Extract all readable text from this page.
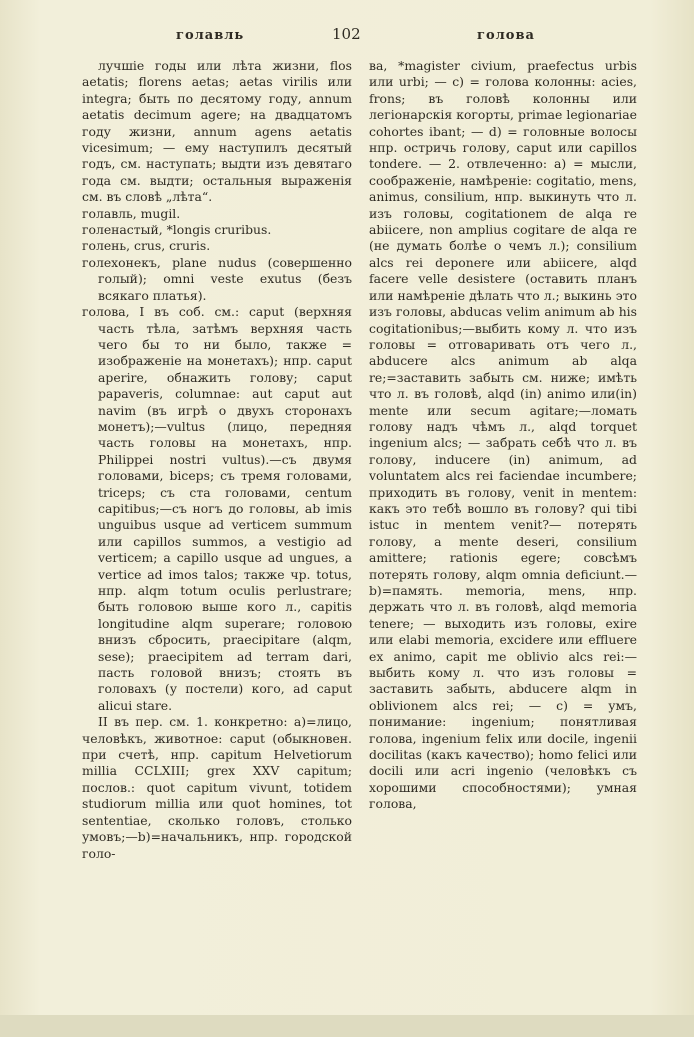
голавль	102	голова

лучшіе годы или лѣта жизни, flos aetatis; florens aetas; aetas virilis или integra; быть по десятому году, annum aetatis decimum agere; на двадцатомъ году жизни, annum agens aetatis vicesimum; — ему наступилъ десятый годъ, см. наступать; выдти изъ девятаго года см. выдти; остальныя выраженія см. въ словѣ „лѣта“.

голавль, mugil.

голенастый, *longis cruribus.

голень, crus, cruris.

голехонекъ, plane nudus (совершенно голый); omni veste exutus (безъ всякаго платья).

голова, I въ соб. см.: caput (верхняя часть тѣла, затѣмъ верхняя часть чего бы то ни было, также = изображеніе на монетахъ); нпр. caput aperire, обнажить голову; caput papaveris, columnae: aut caput aut navim (въ игрѣ о двухъ сторонахъ монетъ);—vultus (лицо, передняя часть головы на монетахъ, нпр. Philippei nostri vultus).—съ двумя головами, biceps; съ тремя головами, triceps; съ ста головами, centum capitibus;—съ ногъ до головы, ab imis unguibus usque ad verticem summum или capillos summos, a vestigio ad verticem; a capillo usque ad ungues, a vertice ad imos talos; также чр. totus, нпр. alqm totum oculis perlustrare; быть головою выше кого л., capitis longitudine alqm superare; головою внизъ сбросить, praecipitare (alqm, sese); praecipitem ad terram dari, пасть головой внизъ; стоять въ головахъ (у постели) кого, ad caput alicui stare.

II въ пер. см. 1. конкретно: а)=лицо, человѣкъ, животное: caput (обыкновен. при счетѣ, нпр. capitum Helvetiorum millia CCLXIII; grex XXV capitum; послов.: quot capitum vivunt, totidem studiorum millia или quot homines, tot sententiae, сколько головъ, столько умовъ;—b)=начальникъ, нпр. городской голо-

ва, *magister civium, praefectus urbis или urbi; — c) = голова колонны: acies, frons; въ головѣ колонны или легіонарскія когорты, primae legionariae cohortes ibant; — d) = головные волосы нпр. остричь голову, caput или capillos tondere. — 2. отвлеченно: a) = мысли, соображеніе, намѣреніе: cogitatio, mens, animus, consilium, нпр. выкинуть что л. изъ головы, cogitationem de alqa re abiicere, non amplius cogitare de alqa re (не думать болѣе о чемъ л.); consilium alcs rei deponere или abiicere, alqd facere velle desistere (оставить планъ или намѣреніе дѣлать что л.; выкинь это изъ головы, abducas velim animum ab his cogitationibus;—выбить кому л. что изъ головы = отговаривать отъ чего л., abducere alcs animum ab alqa re;=заставить забыть см. ниже; имѣть что л. въ головѣ, alqd (in) animo или(in) mente или secum agitare;—ломать голову надъ чѣмъ л., alqd torquet ingenium alcs; — забрать себѣ что л. въ голову, inducere (in) animum, ad voluntatem alcs rei faciendae incumbere; приходить въ голову, venit in mentem: какъ это тебѣ вошло въ голову? qui tibi istuc in mentem venit?— потерять голову, a mente deseri, consilium amittere; rationis egere; совсѣмъ потерять голову, alqm omnia deficiunt.—b)=память. memoria, mens, нпр. держать что л. въ головѣ, alqd memoria tenere; — выходить изъ головы, exire или elabi memoria, excidere или effluere ex animo, capit me oblivio alcs rei:—выбить кому л. что изъ головы = заставить забыть, abducere alqm in oblivionem alcs rei; — c) = умъ, понимание: ingenium; понятливая голова, ingenium felix или docile, ingenii docilitas (какъ качество); homo felici или docili или acri ingenio (человѣкъ съ хорошими способностями); умная голова,
